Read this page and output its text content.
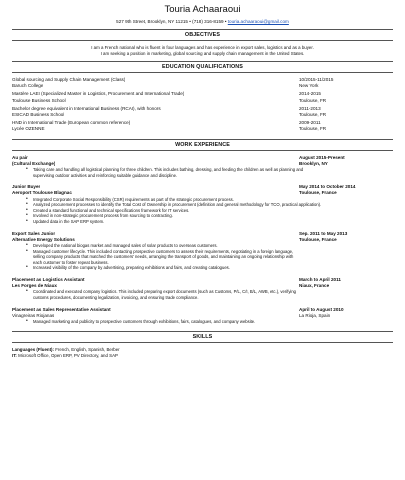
Touria Achaaraoui
527 9th Street, Brooklyn, NY 11215 • (718) 316-8159 • touria.achaaraoui@gmail.com
OBJECTIVES
I am a French national who is fluent in four languages and has experience in export sales, logistics and as a buyer.
I am seeking a position in marketing, global sourcing and supply chain management in the United States.
EDUCATION QUALIFICATIONS
Global sourcing and Supply Chain Management (Class)	10/2015-11/2015
Baruch College	New York
Mastère LAEI (Specialized Master in Logistics, Procurement and International Trade)	2014-2015
Toulouse Business School	Toulouse, FR
Bachelor degree equivalent in International Business (RCAI), with honors	2011-2013
ESICAD Business School	Toulouse, FR
HND in International Trade (European common reference)	2009-2011
Lycée OZENNE	Toulouse, FR
WORK EXPERIENCE
Au pair	August 2015-Present
(Cultural Exchange)	Brooklyn, NY
• Taking care and handling all logistical planning for three children. This includes bathing, dressing, and feeding the children as well as planning and
supervising outdoor activities and reinforcing suitable guidance and discipline.
Junior Buyer	May 2014 to October 2014
Aeroport Toulouse Blagnac	Toulouse, France
• Integrated Corporate Social Responsibility (CSR) requirements as part of the strategic procurement process.
• Analyzed procurement processes to identify the Total Cost of Ownership in procurement (definition and general methodology for TCO, practical application).
• Created a standard functional and technical specifications framework for IT services.
• Involved in non-strategic procurement process from sourcing to contracting.
• Updated data in the SAP ERP system.
Export Sales Junior	Sep. 2011 to May 2013
Alternative Energy Solutions	Toulouse, France
• Developed the national biogas market and managed sales of solar products to overseas customers.
• Managed customer lifecycle. This included contacting prospective customers to assess their requirements, negotiating in a foreign language,
selling company products that matched the customers' needs, arranging the transport of goods, and maintaining an ongoing relationship with
each customer to foster repeat business.
• Increased visibility of the company by advertising, preparing exhibitions and fairs, and creating catalogues.
Placement as Logistics Assistant	March to April 2011
Les Forges de Niaux	Niaux, France
• Coordinated and executed company logistics. This included preparing export documents (such as Customs, P/L, C/I, B/L, AWB, etc.), verifying
customs procedures, documenting legalization, invoicing, and ensuring trade compliance.
Placement as Sales Representative Assistant	April to August 2010
Vinagreiras Riojanas	La Rioja, Spain
• Managed marketing and publicity to prospective customers through exhibitions, fairs, catalogues, and company website.
SKILLS
Languages (Fluent): French, English, Spanish, Berber
IT: Microsoft Office, Open ERP, PV Directory, and SAP
